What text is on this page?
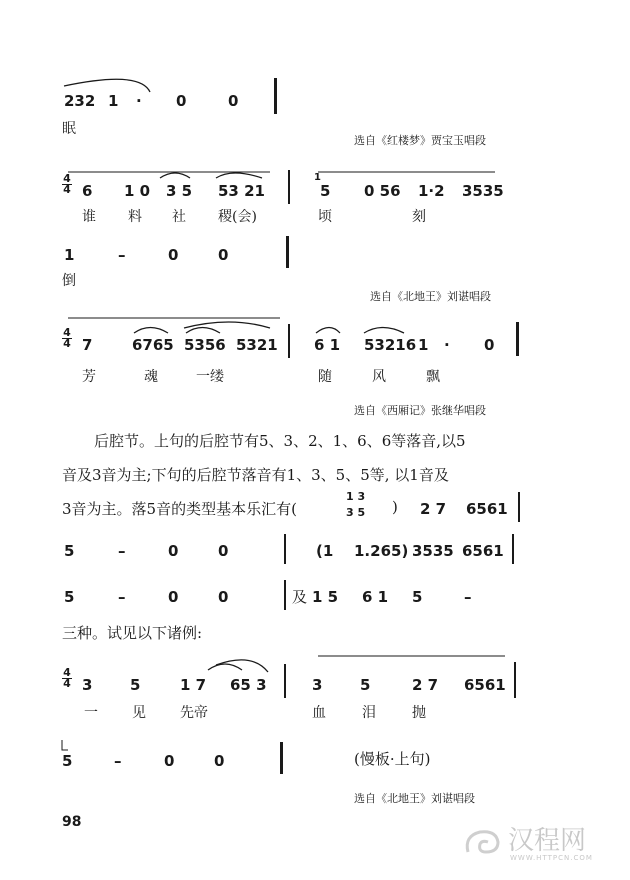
232 1 · 0	0
眠
选自《红楼梦》贾宝玉唱段
4
4 6 1 0 3 5 53 21
1
5 0 56 1·2 3535
谁 料 社 稷(会)	顷	刻
1	–	0	0
倒
选自《北地王》刘谌唱段
4
4 7	6765 5356 5321 6 1 53216 1 · 0
芳	魂	一缕	随	风	飘
选自《西厢记》张继华唱段
后腔节。上句的后腔节有5、3、2、1、6、6等落音,以5
音及3音为主;下句的后腔节落音有1、3、5、5等, 以1音及
3音为主。落5音的类型基本乐汇有(
1 3
3 5 ) 2 7 6561
5	–	0	0	(1 1.265) 3535 6561
5	–	0	0	及 1 5 6 1 5	–
三种。试见以下诸例:
4
4 3	5	1 7 65 3	3	5	2 7 6561
一 见 先帝	血	泪	抛
5	–	0	0	(慢板·上句)
选自《北地王》刘谌唱段
98
汉程网
WWW.HTTPCN.COM
